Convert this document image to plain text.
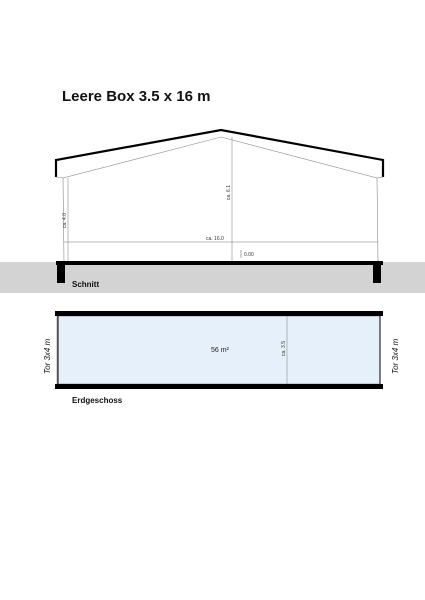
Leere Box 3.5 x 16 m
ca. 6.1
ca. 4.0
ca. 16.0
0.00
ca. 3.5
56 m²
Tor 3x4 m	Tor 3x4 m
Schnitt
Erdgeschoss
